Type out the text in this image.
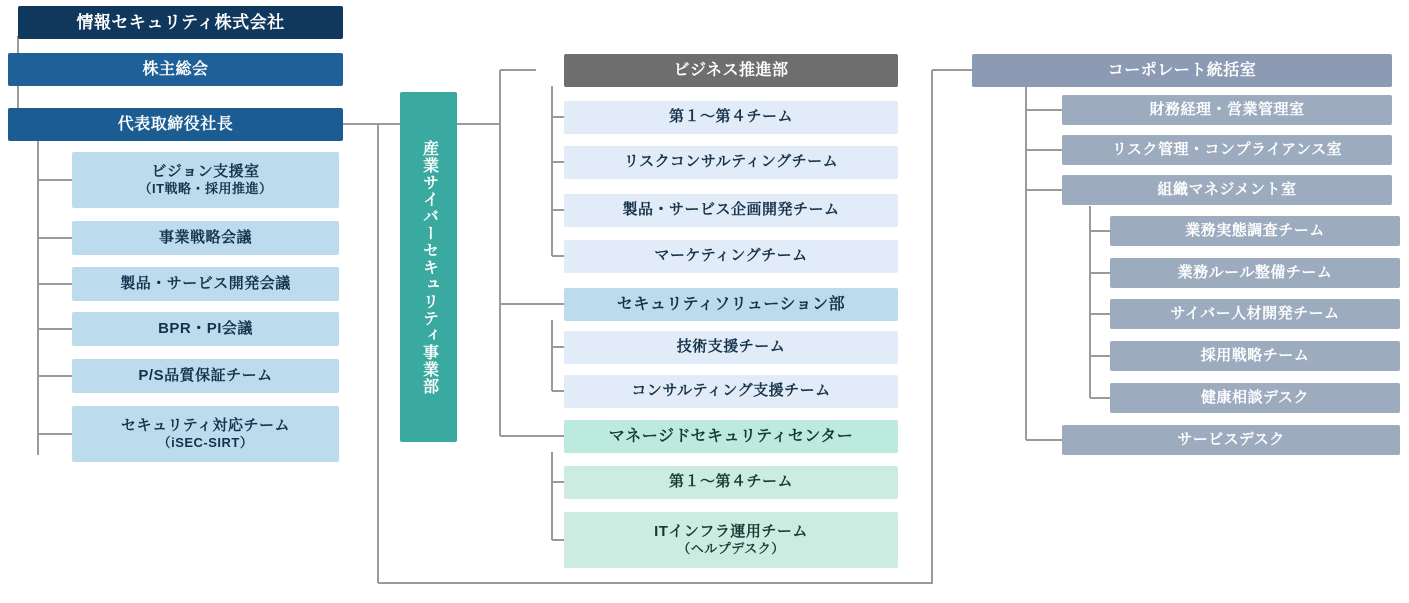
情報セキュリティ株式会社
株主総会
代表取締役社長
ビジョン支援室
（IT戦略・採用推進）
事業戦略会議
製品・サービス開発会議
BPR・PI会議
P/S品質保証チーム
セキュリティ対応チーム
（iSEC-SIRT）
産業サイバーセキュリティ事業部
ビジネス推進部
第１〜第４チーム
リスクコンサルティングチーム
製品・サービス企画開発チーム
マーケティングチーム
セキュリティソリューション部
技術支援チーム
コンサルティング支援チーム
マネージドセキュリティセンター
第１〜第４チーム
ITインフラ運用チーム
（ヘルプデスク）
コーポレート統括室
財務経理・営業管理室
リスク管理・コンプライアンス室
組織マネジメント室
業務実態調査チーム
業務ルール整備チーム
サイバー人材開発チーム
採用戦略チーム
健康相談デスク
サービスデスク
